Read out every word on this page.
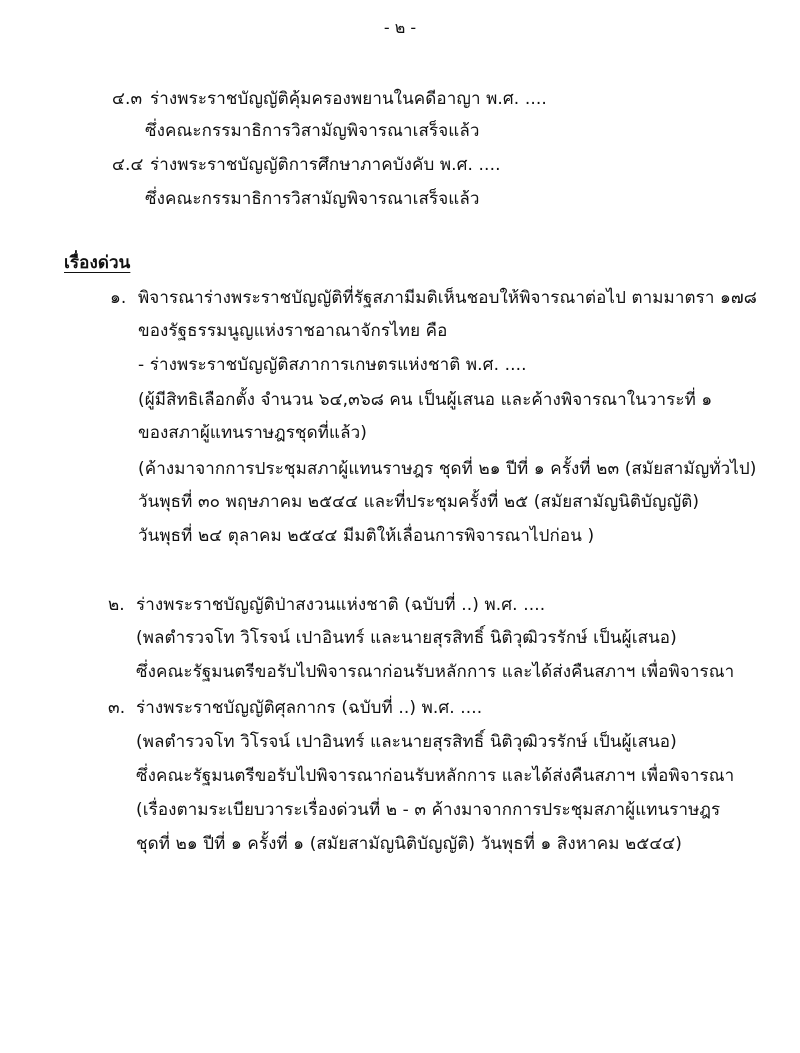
- ๒ -
๔.๓ ร่างพระราชบัญญัติคุ้มครองพยานในคดีอาญา พ.ศ. ....
ซึ่งคณะกรรมาธิการวิสามัญพิจารณาเสร็จแล้ว
๔.๔ ร่างพระราชบัญญัติการศึกษาภาคบังคับ พ.ศ. ....
ซึ่งคณะกรรมาธิการวิสามัญพิจารณาเสร็จแล้ว
เรื่องด่วน
๑. พิจารณาร่างพระราชบัญญัติที่รัฐสภามีมติเห็นชอบให้พิจารณาต่อไป ตามมาตรา ๑๗๘
ของรัฐธรรมนูญแห่งราชอาณาจักรไทย คือ
- ร่างพระราชบัญญัติสภาการเกษตรแห่งชาติ พ.ศ. ....
(ผู้มีสิทธิเลือกตั้ง จำนวน ๖๔,๓๖๘ คน เป็นผู้เสนอ และค้างพิจารณาในวาระที่ ๑
ของสภาผู้แทนราษฎรชุดที่แล้ว)
(ค้างมาจากการประชุมสภาผู้แทนราษฎร ชุดที่ ๒๑ ปีที่ ๑ ครั้งที่ ๒๓ (สมัยสามัญทั่วไป)
วันพุธที่ ๓๐ พฤษภาคม ๒๕๔๔ และที่ประชุมครั้งที่ ๒๕ (สมัยสามัญนิติบัญญัติ)
วันพุธที่ ๒๔ ตุลาคม ๒๕๔๔ มีมติให้เลื่อนการพิจารณาไปก่อน )
๒. ร่างพระราชบัญญัติป่าสงวนแห่งชาติ (ฉบับที่ ..) พ.ศ. ....
(พลตำรวจโท วิโรจน์ เปาอินทร์ และนายสุรสิทธิ์ นิติวุฒิวรรักษ์ เป็นผู้เสนอ)
ซึ่งคณะรัฐมนตรีขอรับไปพิจารณาก่อนรับหลักการ และได้ส่งคืนสภาฯ เพื่อพิจารณา
๓. ร่างพระราชบัญญัติศุลกากร (ฉบับที่ ..) พ.ศ. ....
(พลตำรวจโท วิโรจน์ เปาอินทร์ และนายสุรสิทธิ์ นิติวุฒิวรรักษ์ เป็นผู้เสนอ)
ซึ่งคณะรัฐมนตรีขอรับไปพิจารณาก่อนรับหลักการ และได้ส่งคืนสภาฯ เพื่อพิจารณา
(เรื่องตามระเบียบวาระเรื่องด่วนที่ ๒ - ๓ ค้างมาจากการประชุมสภาผู้แทนราษฎร
ชุดที่ ๒๑ ปีที่ ๑ ครั้งที่ ๑ (สมัยสามัญนิติบัญญัติ) วันพุธที่ ๑ สิงหาคม ๒๕๔๔)
